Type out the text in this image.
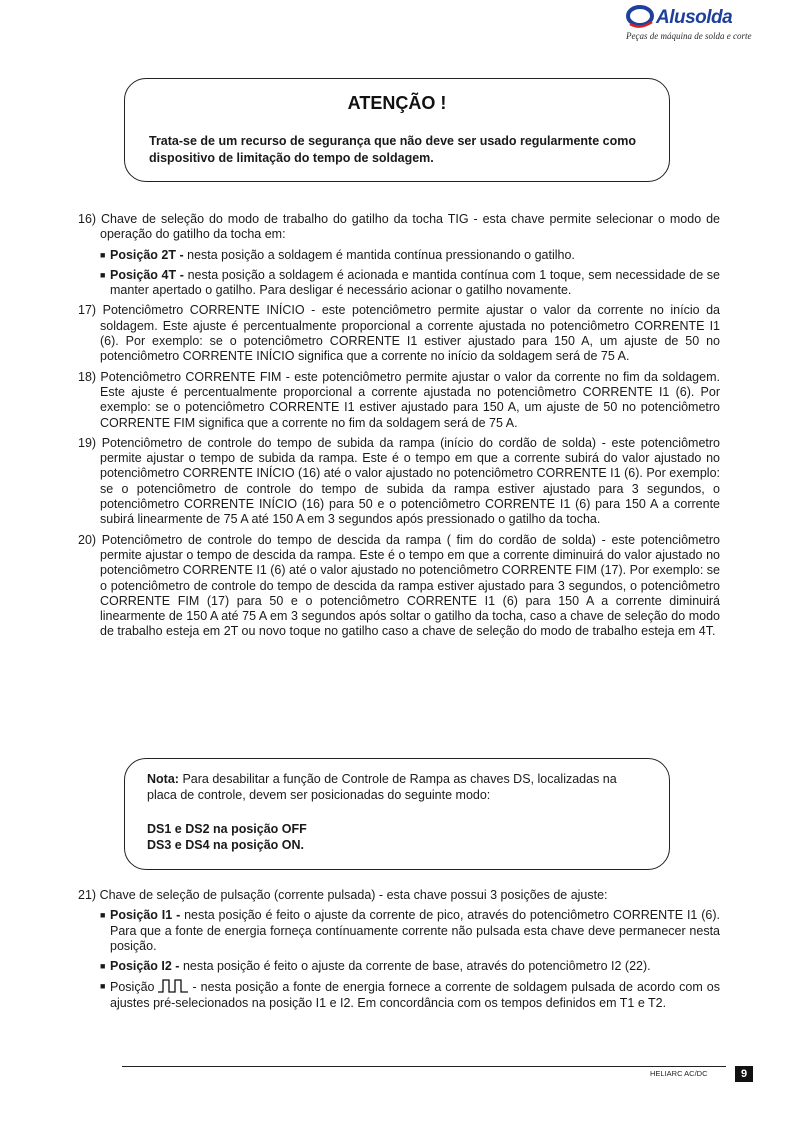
Alusolda
Peças de máquina de solda e corte
ATENÇÃO !
Trata-se de um recurso de segurança que não deve ser usado regularmente como dispositivo de limitação do tempo de soldagem.

16) Chave de seleção do modo de trabalho do gatilho da tocha TIG - esta chave permite selecionar o modo de operação do gatilho da tocha em:

■ Posição 2T - nesta posição a soldagem é mantida contínua pressionando o gatilho.
■ Posição 4T - nesta posição a soldagem é acionada e mantida contínua com 1 toque, sem necessidade de se manter apertado o gatilho. Para desligar é necessário acionar o gatilho novamente.

17) Potenciômetro CORRENTE INÍCIO - este potenciômetro permite ajustar o valor da corrente no início da soldagem. Este ajuste é percentualmente proporcional a corrente ajustada no potenciômetro CORRENTE I1 (6). Por exemplo: se o potenciômetro CORRENTE I1 estiver ajustado para 150 A, um ajuste de 50 no potenciômetro CORRENTE INÍCIO significa que a corrente no início da soldagem será de 75 A.

18) Potenciômetro CORRENTE FIM - este potenciômetro permite ajustar o valor da corrente no fim da soldagem. Este ajuste é percentualmente proporcional a corrente ajustada no potenciômetro CORRENTE I1 (6). Por exemplo: se o potenciômetro CORRENTE I1 estiver ajustado para 150 A, um ajuste de 50 no potenciômetro CORRENTE FIM significa que a corrente no fim da soldagem será de 75 A.

19) Potenciômetro de controle do tempo de subida da rampa (início do cordão de solda) - este potenciômetro permite ajustar o tempo de subida da rampa. Este é o tempo em que a corrente subirá do valor ajustado no potenciômetro CORRENTE INÍCIO (16) até o valor ajustado no potenciômetro CORRENTE I1 (6). Por exemplo: se o potenciômetro de controle do tempo de subida da rampa estiver ajustado para 3 segundos, o potenciômetro CORRENTE INÍCIO (16) para 50 e o potenciômetro CORRENTE I1 (6) para 150 A a corrente subirá linearmente de 75 A até 150 A em 3 segundos após pressionado o gatilho da tocha.

20) Potenciômetro de controle do tempo de descida da rampa ( fim do cordão de solda) - este potenciômetro permite ajustar o tempo de descida da rampa. Este é o tempo em que a corrente diminuirá do valor ajustado no potenciômetro CORRENTE I1 (6) até o valor ajustado no potenciômetro CORRENTE FIM (17). Por exemplo: se o potenciômetro de controle do tempo de descida da rampa estiver ajustado para 3 segundos, o potenciômetro CORRENTE FIM (17) para 50 e o potenciômetro CORRENTE I1 (6) para 150 A a corrente diminuirá linearmente de 150 A até 75 A em 3 segundos após soltar o gatilho da tocha, caso a chave de seleção do modo de trabalho esteja em 2T ou novo toque no gatilho caso a chave de seleção do modo de trabalho esteja em 4T.

Nota: Para desabilitar a função de Controle de Rampa as chaves DS, localizadas na placa de controle, devem ser posicionadas do seguinte modo:
DS1 e DS2 na posição OFF
DS3 e DS4 na posição ON.

21) Chave de seleção de pulsação (corrente pulsada) - esta chave possui 3 posições de ajuste:

■ Posição I1 - nesta posição é feito o ajuste da corrente de pico, através do potenciômetro CORRENTE I1 (6). Para que a fonte de energia forneça contínuamente corrente não pulsada esta chave deve permanecer nesta posição.
■ Posição I2 - nesta posição é feito o ajuste da corrente de base, através do potenciômetro I2 (22).
■ Posição	- nesta posição a fonte de energia fornece a corrente de soldagem pulsada de acordo com os ajustes pré-selecionados na posição I1 e I2. Em concordância com os tempos definidos em T1 e T2.
HELIARC AC/DC	9
